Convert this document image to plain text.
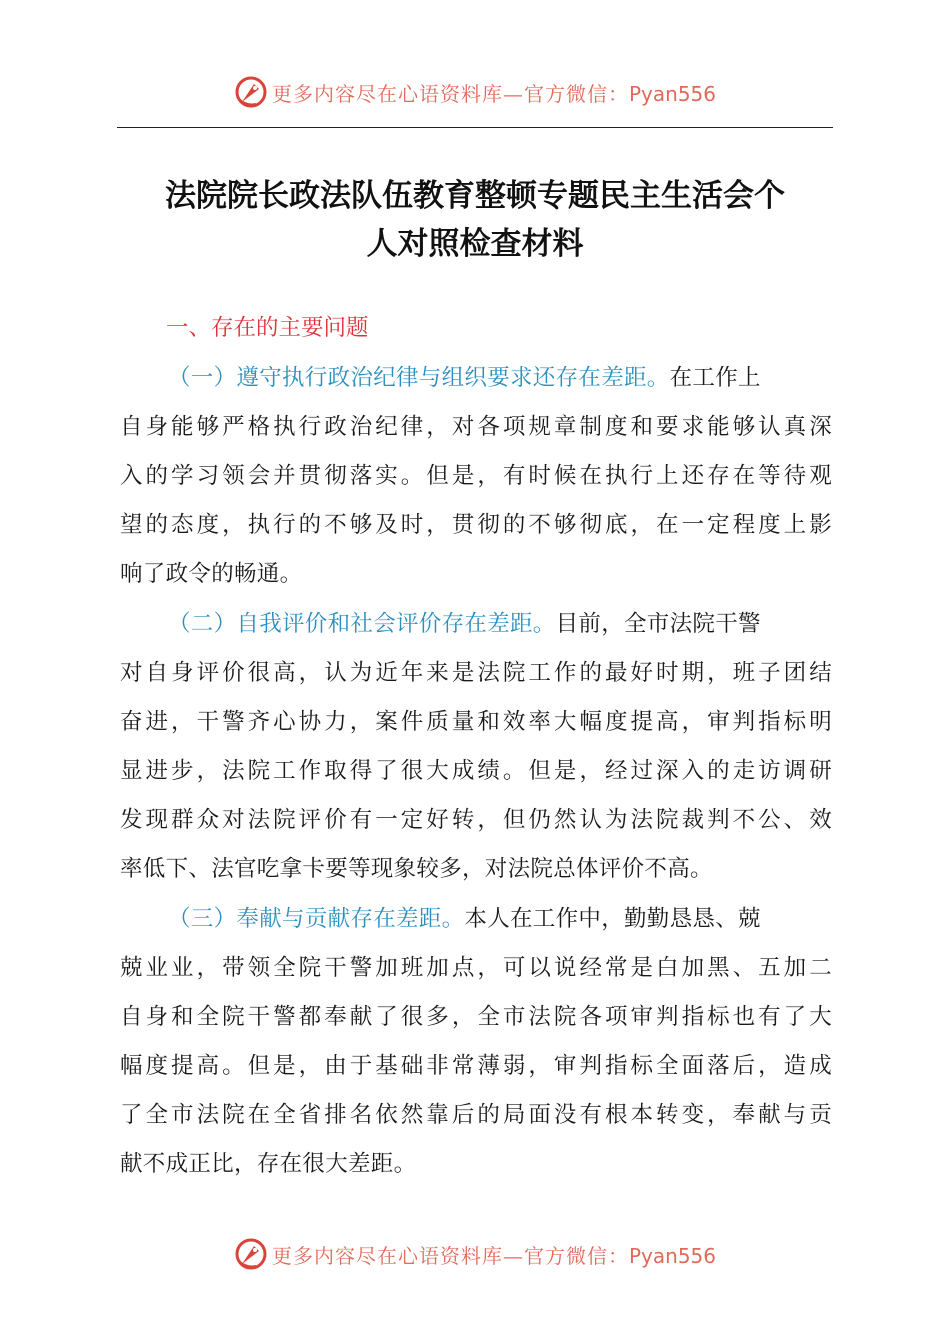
更多内容尽在心语资料库—官方微信：Pyan556
法院院长政法队伍教育整顿专题民主生活会个
人对照检查材料

一、存在的主要问题

（一）遵守执行政治纪律与组织要求还存在差距。在工作上
自身能够严格执行政治纪律，对各项规章制度和要求能够认真深
入的学习领会并贯彻落实。但是，有时候在执行上还存在等待观
望的态度，执行的不够及时，贯彻的不够彻底，在一定程度上影
响了政令的畅通。
（二）自我评价和社会评价存在差距。目前，全市法院干警
对自身评价很高，认为近年来是法院工作的最好时期，班子团结
奋进，干警齐心协力，案件质量和效率大幅度提高，审判指标明
显进步，法院工作取得了很大成绩。但是，经过深入的走访调研
发现群众对法院评价有一定好转，但仍然认为法院裁判不公、效
率低下、法官吃拿卡要等现象较多，对法院总体评价不高。
（三）奉献与贡献存在差距。本人在工作中，勤勤恳恳、兢
兢业业，带领全院干警加班加点，可以说经常是白加黑、五加二
自身和全院干警都奉献了很多，全市法院各项审判指标也有了大
幅度提高。但是，由于基础非常薄弱，审判指标全面落后，造成
了全市法院在全省排名依然靠后的局面没有根本转变，奉献与贡
献不成正比，存在很大差距。
更多内容尽在心语资料库—官方微信：Pyan556
